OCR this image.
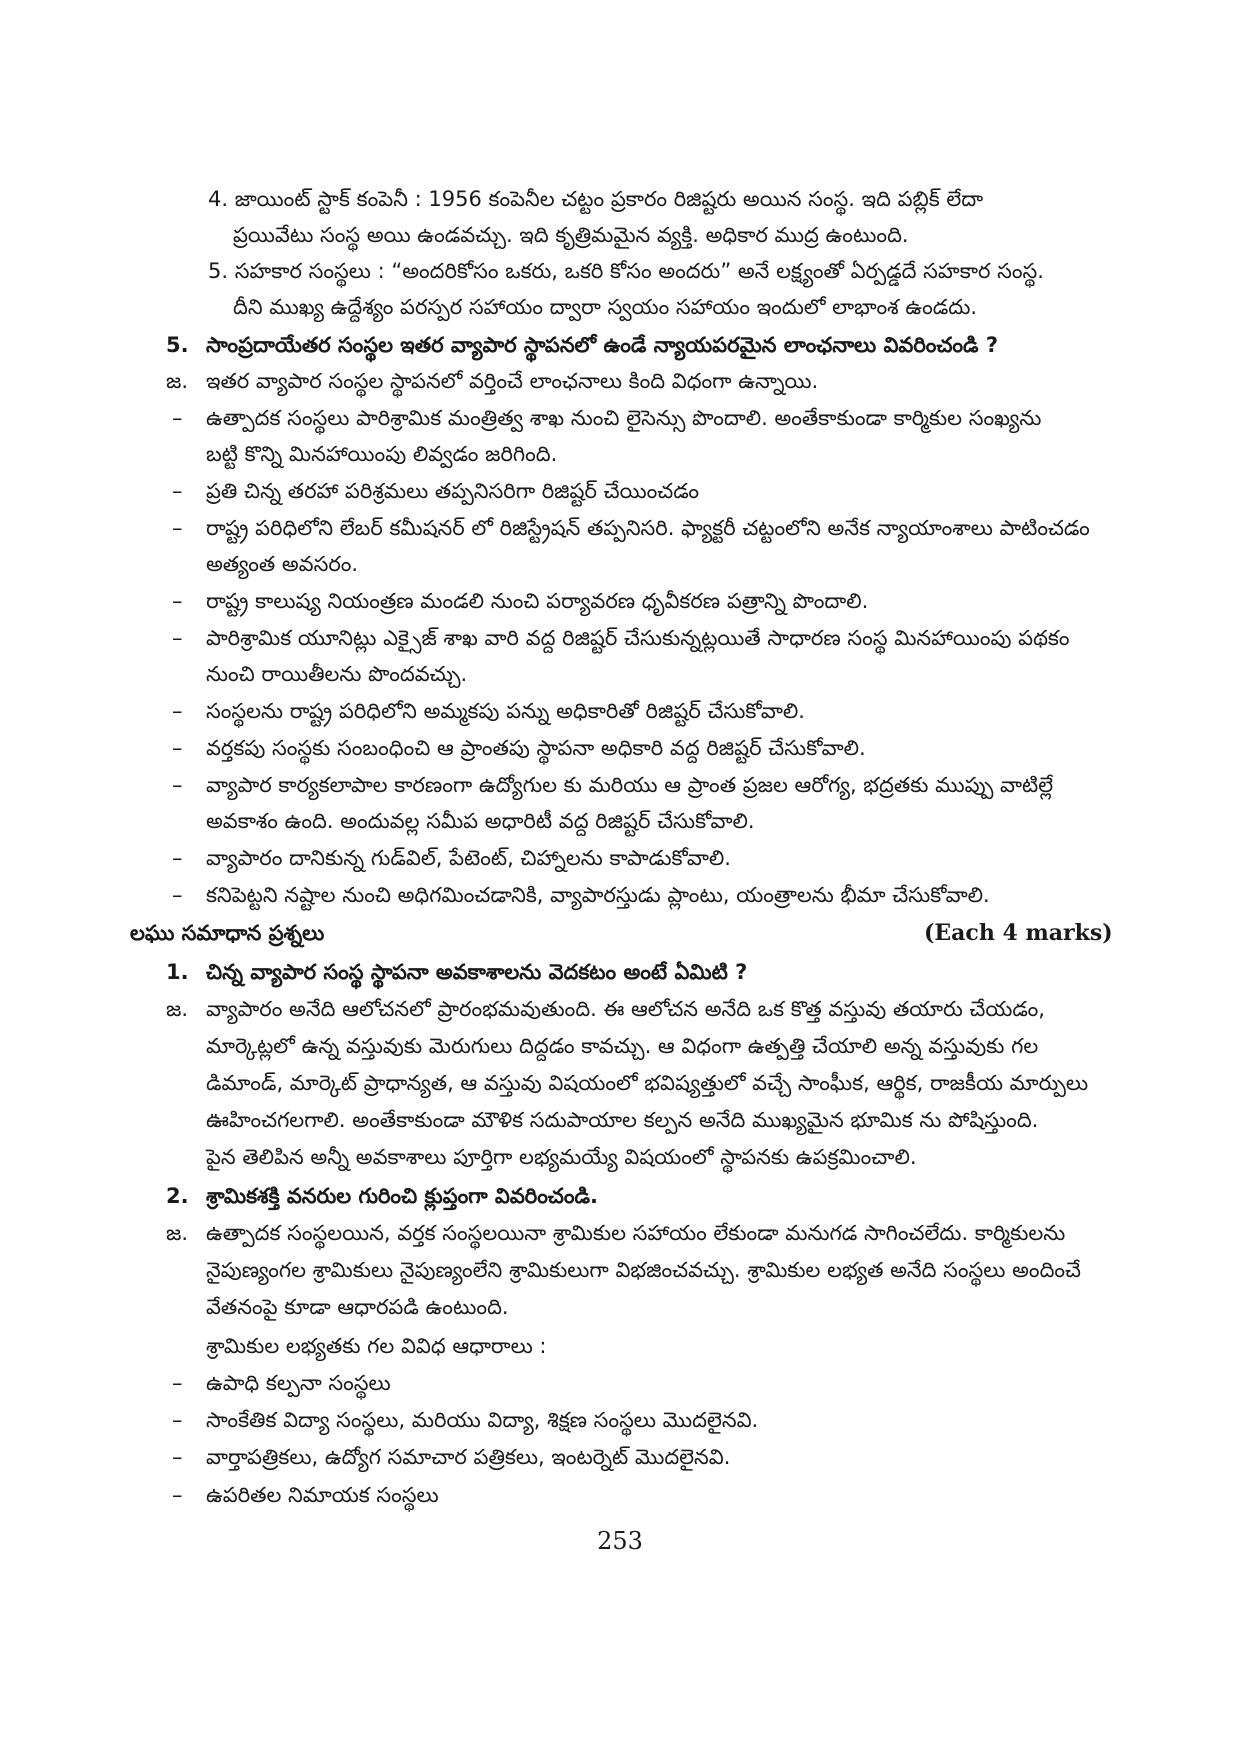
4. జాయింట్ స్టాక్ కంపెనీ : 1956 కంపెనీల చట్టం ప్రకారం రిజిష్టరు అయిన సంస్థ. ఇది పబ్లిక్ లేదా
ప్రయివేటు సంస్థ అయి ఉండవచ్చు. ఇది కృత్రిమమైన వ్యక్తి. అధికార ముద్ర ఉంటుంది.
5. సహకార సంస్థలు : “అందరికోసం ఒకరు, ఒకరి కోసం అందరు” అనే లక్ష్యంతో ఏర్పడ్డదే సహకార సంస్థ.
దీని ముఖ్య ఉద్దేశ్యం పరస్పర సహాయం ద్వారా స్వయం సహాయం ఇందులో లాభాంశ ఉండదు.
5. సాంప్రదాయేతర సంస్థల ఇతర వ్యాపార స్థాపనలో ఉండే న్యాయపరమైన లాంఛనాలు వివరించండి ?
జ. ఇతర వ్యాపార సంస్థల స్థాపనలో వర్తించే లాంఛనాలు కింది విధంగా ఉన్నాయి.
– ఉత్పాదక సంస్థలు పారిశ్రామిక మంత్రిత్వ శాఖ నుంచి లైసెన్సు పొందాలి. అంతేకాకుండా కార్మికుల సంఖ్యను
బట్టి కొన్ని మినహాయింపు లివ్వడం జరిగింది.
– ప్రతి చిన్న తరహా పరిశ్రమలు తప్పనిసరిగా రిజిష్టర్ చేయించడం
– రాష్ట్ర పరిధిలోని లేబర్ కమీషనర్ లో రిజిస్ట్రేషన్ తప్పనిసరి. ఫ్యాక్టరీ చట్టంలోని అనేక న్యాయాంశాలు పాటించడం
అత్యంత అవసరం.
– రాష్ట్ర కాలుష్య నియంత్రణ మండలి నుంచి పర్యావరణ ధృవీకరణ పత్రాన్ని పొందాలి.
– పారిశ్రామిక యూనిట్లు ఎక్సైజ్ శాఖ వారి వద్ద రిజిష్టర్ చేసుకున్నట్లయితే సాధారణ సంస్థ మినహాయింపు పథకం
నుంచి రాయితీలను పొందవచ్చు.
– సంస్థలను రాష్ట్ర పరిధిలోని అమ్మకపు పన్ను అధికారితో రిజిష్టర్ చేసుకోవాలి.
– వర్తకపు సంస్థకు సంబంధించి ఆ ప్రాంతపు స్థాపనా అధికారి వద్ద రిజిష్టర్ చేసుకోవాలి.
– వ్యాపార కార్యకలాపాల కారణంగా ఉద్యోగుల కు మరియు ఆ ప్రాంత ప్రజల ఆరోగ్య, భద్రతకు ముప్పు వాటిల్లే
అవకాశం ఉంది. అందువల్ల సమీప అధారిటీ వద్ద రిజిష్టర్ చేసుకోవాలి.
– వ్యాపారం దానికున్న గుడ్‌విల్, పేటెంట్, చిహ్నాలను కాపాడుకోవాలి.
– కనిపెట్టని నష్టాల నుంచి అధిగమించడానికి, వ్యాపారస్తుడు ప్లాంటు, యంత్రాలను భీమా చేసుకోవాలి.
లఘు సమాధాన ప్రశ్నలు	(Each 4 marks)
1. చిన్న వ్యాపార సంస్థ స్థాపనా అవకాశాలను వెదకటం అంటే ఏమిటి ?
జ. వ్యాపారం అనేది ఆలోచనలో ప్రారంభమవుతుంది. ఈ ఆలోచన అనేది ఒక కొత్త వస్తువు తయారు చేయడం,
మార్కెట్లలో ఉన్న వస్తువుకు మెరుగులు దిద్దడం కావచ్చు. ఆ విధంగా ఉత్పత్తి చేయాలి అన్న వస్తువుకు గల
డిమాండ్, మార్కెట్ ప్రాధాన్యత, ఆ వస్తువు విషయంలో భవిష్యత్తులో వచ్చే సాంఘీక, ఆర్థిక, రాజకీయ మార్పులు
ఊహించగలగాలి. అంతేకాకుండా మౌళిక సదుపాయాల కల్పన అనేది ముఖ్యమైన భూమిక ను పోషిస్తుంది.
పైన తెలిపిన అన్నీ అవకాశాలు పూర్తిగా లభ్యమయ్యే విషయంలో స్థాపనకు ఉపక్రమించాలి.
2. శ్రామికశక్తి వనరుల గురించి క్లుప్తంగా వివరించండి.
జ. ఉత్పాదక సంస్థలయిన, వర్తక సంస్థలయినా శ్రామికుల సహాయం లేకుండా మనుగడ సాగించలేదు. కార్మికులను
నైపుణ్యంగల శ్రామికులు నైపుణ్యంలేని శ్రామికులుగా విభజించవచ్చు. శ్రామికుల లభ్యత అనేది సంస్థలు అందించే
వేతనంపై కూడా ఆధారపడి ఉంటుంది.
శ్రామికుల లభ్యతకు గల వివిధ ఆధారాలు :
– ఉపాధి కల్పనా సంస్థలు
– సాంకేతిక విద్యా సంస్థలు, మరియు విద్యా, శిక్షణ సంస్థలు మొదలైనవి.
– వార్తాపత్రికలు, ఉద్యోగ సమాచార పత్రికలు, ఇంటర్నెట్ మొదలైనవి.
– ఉపరితల నిమాయక సంస్థలు
253
